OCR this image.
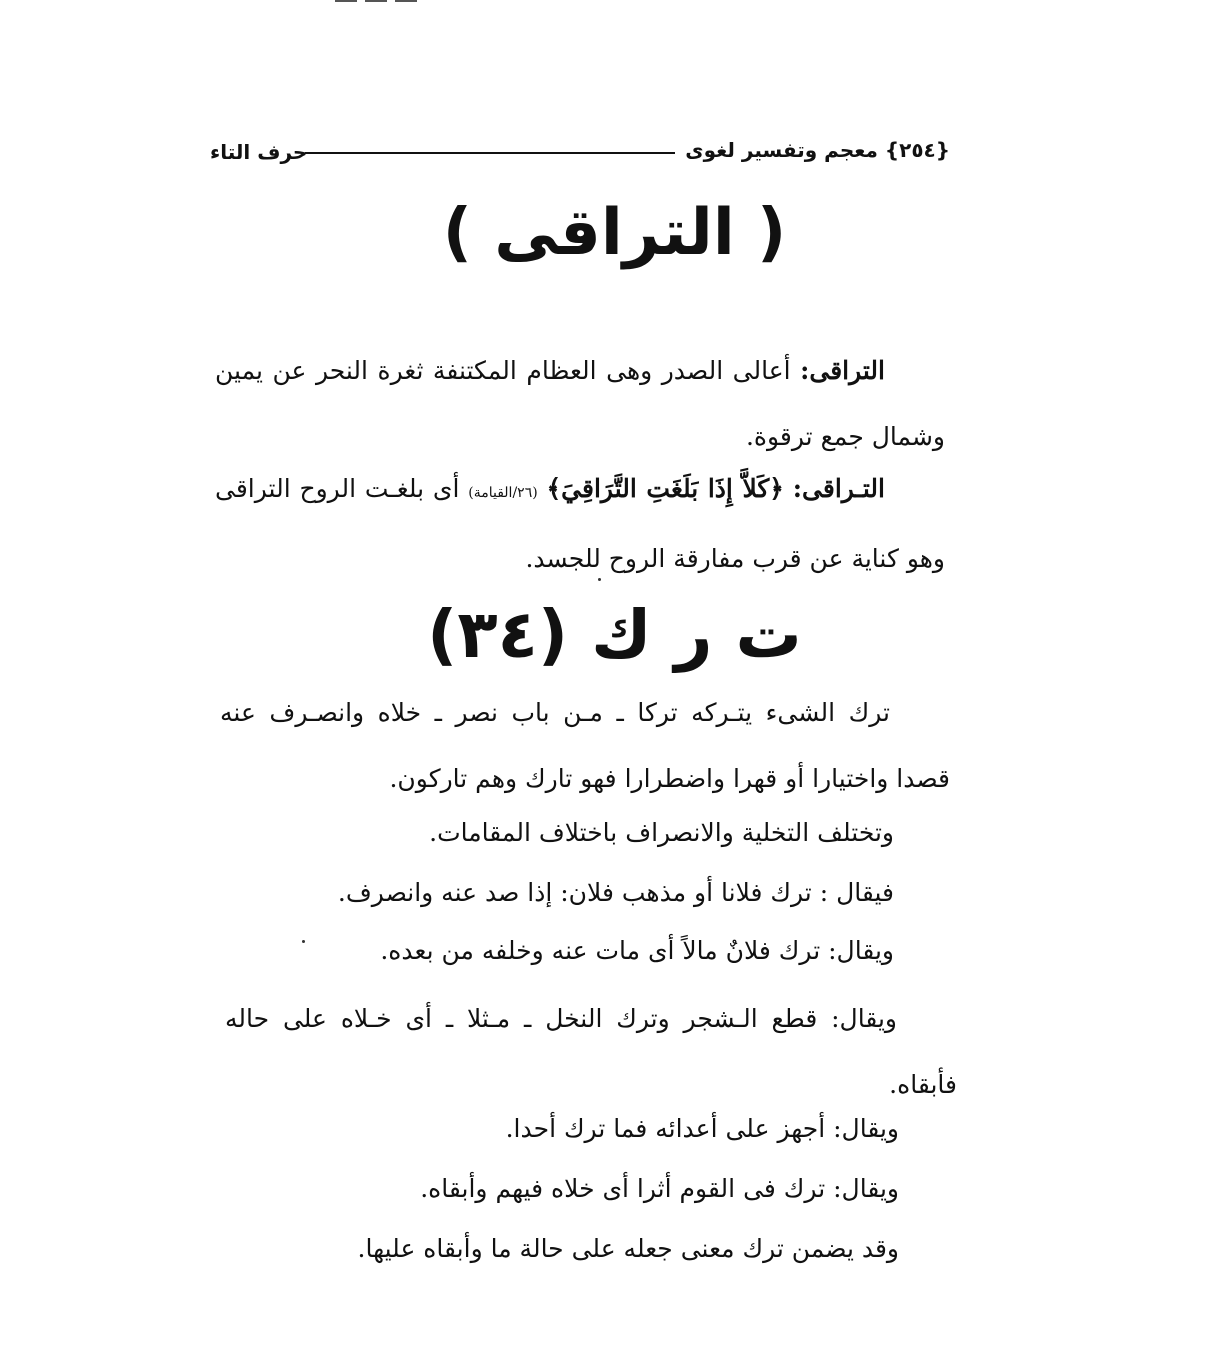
{٢٥٤} معجم وتفسير لغوى
حرف التاء
( التراقى )
التراقى: أعالى الصدر وهى العظام المكتنفة ثغرة النحر عن يمين وشمال جمع ترقوة.
التـراقى: ﴿كَلاَّ إِذَا بَلَغَتِ التَّرَاقِيَ﴾ (٢٦/القيامة) أى بلغـت الروح التراقى وهو كناية عن قرب مفارقة الروح للجسد.
ت ر ك (٣٤)
ترك الشىء يتـركه تركا ـ مـن باب نصر ـ خلاه وانصـرف عنه قصدا واختيارا أو قهرا واضطرارا فهو تارك وهم تاركون.
وتختلف التخلية والانصراف باختلاف المقامات.
فيقال : ترك فلانا أو مذهب فلان: إذا صد عنه وانصرف.
ويقال: ترك فلانٌ مالاً أى مات عنه وخلفه من بعده.
ويقال: قطع الـشجر وترك النخل ـ مـثلا ـ أى خـلاه على حاله فأبقاه.
ويقال: أجهز على أعدائه فما ترك أحدا.
ويقال: ترك فى القوم أثرا أى خلاه فيهم وأبقاه.
وقد يضمن ترك معنى جعله على حالة ما وأبقاه عليها.
